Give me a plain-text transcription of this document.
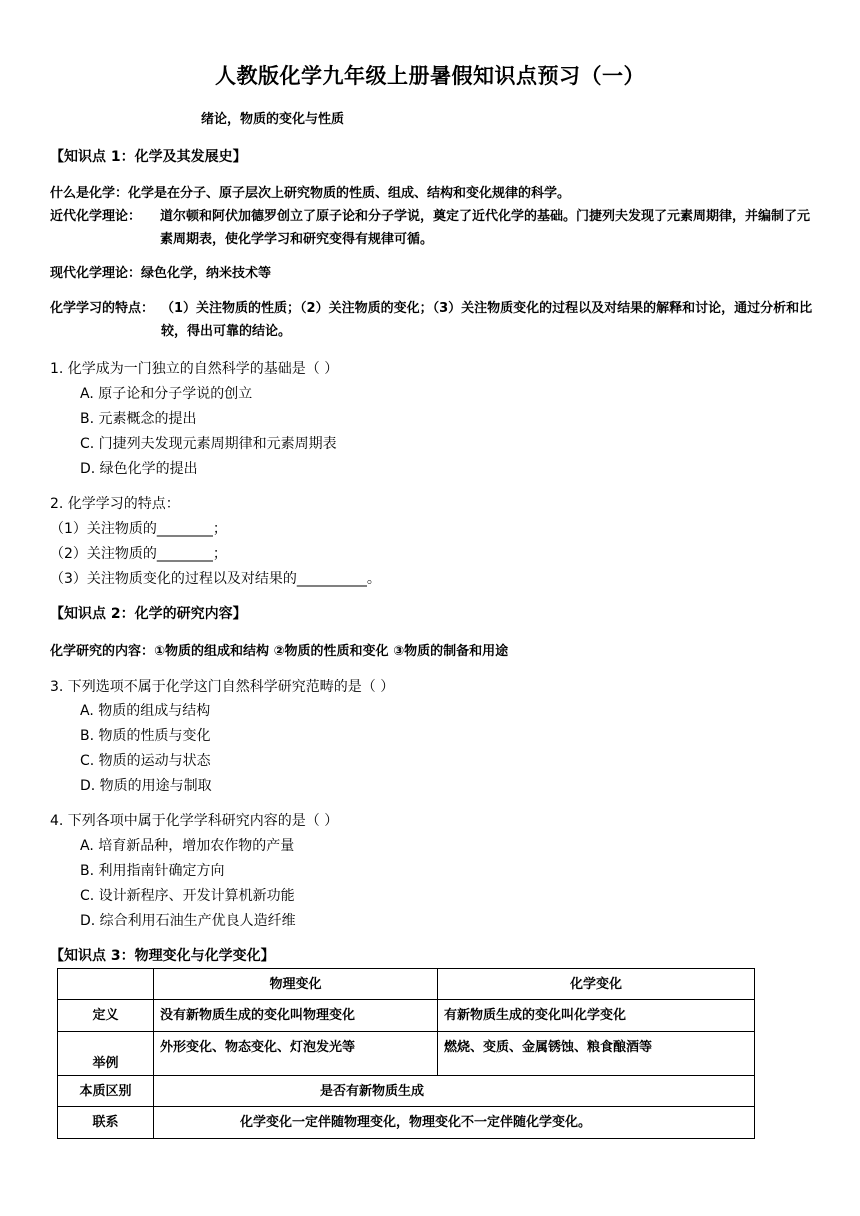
人教版化学九年级上册暑假知识点预习（一）
绪论，物质的变化与性质
【知识点 1：化学及其发展史】
什么是化学：化学是在分子、原子层次上研究物质的性质、组成、结构和变化规律的科学。
近代化学理论： 道尔顿和阿伏加德罗创立了原子论和分子学说，奠定了近代化学的基础。门捷列夫发现了元素周期律，并编制了元素周期表，使化学学习和研究变得有规律可循。
现代化学理论：绿色化学，纳米技术等
化学学习的特点： （1）关注物质的性质；（2）关注物质的变化；（3）关注物质变化的过程以及对结果的解释和讨论，通过分析和比较，得出可靠的结论。
1. 化学成为一门独立的自然科学的基础是（ ）
A. 原子论和分子学说的创立
B. 元素概念的提出
C. 门捷列夫发现元素周期律和元素周期表
D. 绿色化学的提出
2. 化学学习的特点：
（1）关注物质的________；
（2）关注物质的________；
（3）关注物质变化的过程以及对结果的__________。
【知识点 2：化学的研究内容】
化学研究的内容：①物质的组成和结构 ②物质的性质和变化 ③物质的制备和用途
3. 下列选项不属于化学这门自然科学研究范畴的是（ ）
A. 物质的组成与结构
B. 物质的性质与变化
C. 物质的运动与状态
D. 物质的用途与制取
4. 下列各项中属于化学学科研究内容的是（ ）
A. 培育新品种，增加农作物的产量
B. 利用指南针确定方向
C. 设计新程序、开发计算机新功能
D. 综合利用石油生产优良人造纤维
【知识点 3：物理变化与化学变化】
	物理变化	化学变化
定义	没有新物质生成的变化叫物理变化	有新物质生成的变化叫化学变化
举例	外形变化、物态变化、灯泡发光等	燃烧、变质、金属锈蚀、粮食酿酒等
本质区别	是否有新物质生成	
联系	化学变化一定伴随物理变化，物理变化不一定伴随化学变化。	
